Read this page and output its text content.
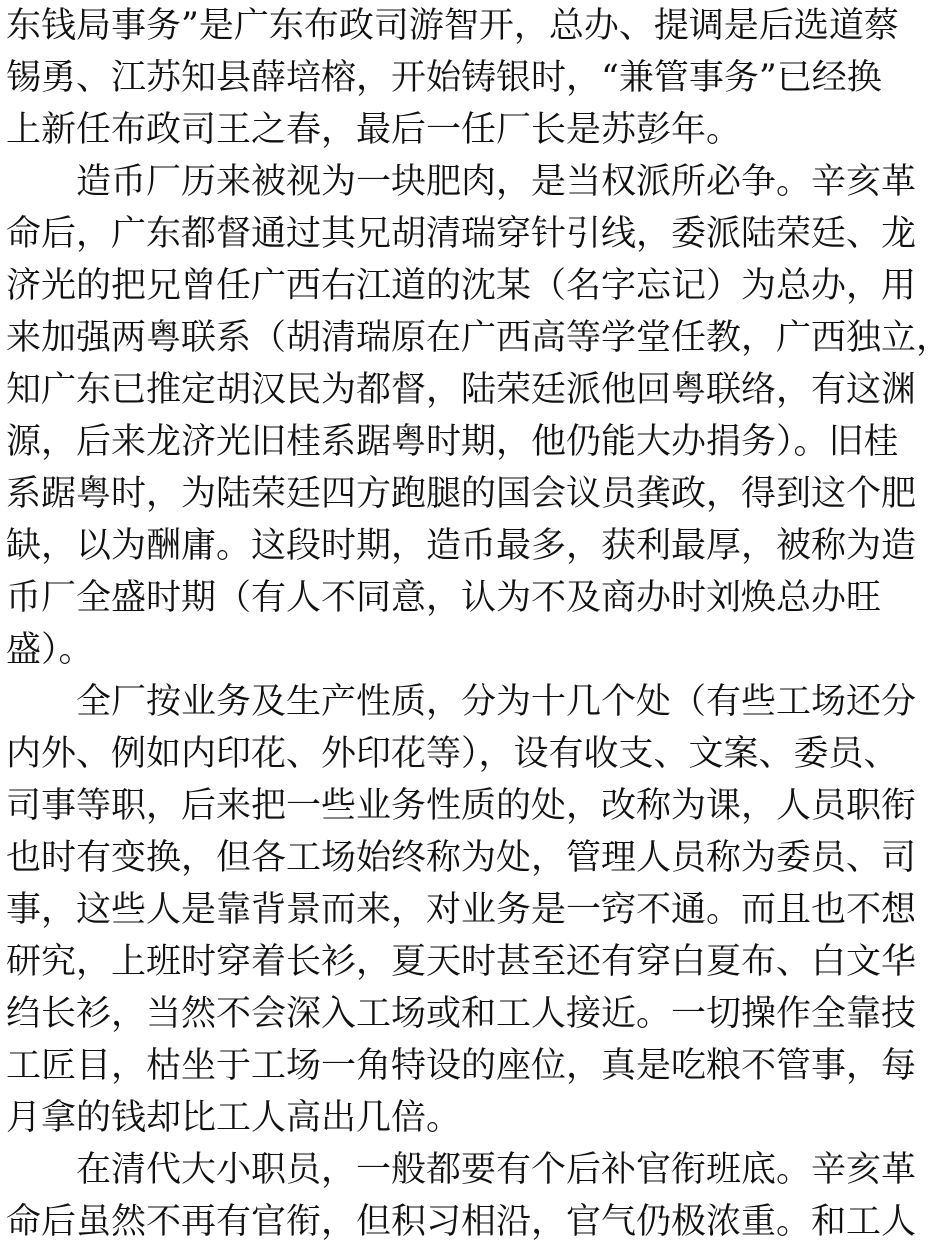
东钱局事务”是广东布政司游智开，总办、提调是后选道蔡
锡勇、江苏知县薛培榕，开始铸银时，“兼管事务”已经换
上新任布政司王之春，最后一任厂长是苏彭年。
　　造币厂历来被视为一块肥肉，是当权派所必争。辛亥革
命后，广东都督通过其兄胡清瑞穿针引线，委派陆荣廷、龙
济光的把兄曾任广西右江道的沈某（名字忘记）为总办，用
来加强两粤联系（胡清瑞原在广西高等学堂任教，广西独立，
知广东已推定胡汉民为都督，陆荣廷派他回粤联络，有这渊
源，后来龙济光旧桂系踞粤时期，他仍能大办捐务）。旧桂
系踞粤时，为陆荣廷四方跑腿的国会议员龚政，得到这个肥
缺，以为酬庸。这段时期，造币最多，获利最厚，被称为造
币厂全盛时期（有人不同意，认为不及商办时刘焕总办旺
盛）。
　　全厂按业务及生产性质，分为十几个处（有些工场还分
内外、例如内印花、外印花等），设有收支、文案、委员、
司事等职，后来把一些业务性质的处，改称为课，人员职衔
也时有变换，但各工场始终称为处，管理人员称为委员、司
事，这些人是靠背景而来，对业务是一窍不通。而且也不想
研究，上班时穿着长衫，夏天时甚至还有穿白夏布、白文华
绉长衫，当然不会深入工场或和工人接近。一切操作全靠技
工匠目，枯坐于工场一角特设的座位，真是吃粮不管事，每
月拿的钱却比工人高出几倍。
　　在清代大小职员，一般都要有个后补官衔班底。辛亥革
命后虽然不再有官衔，但积习相沿，官气仍极浓重。和工人
